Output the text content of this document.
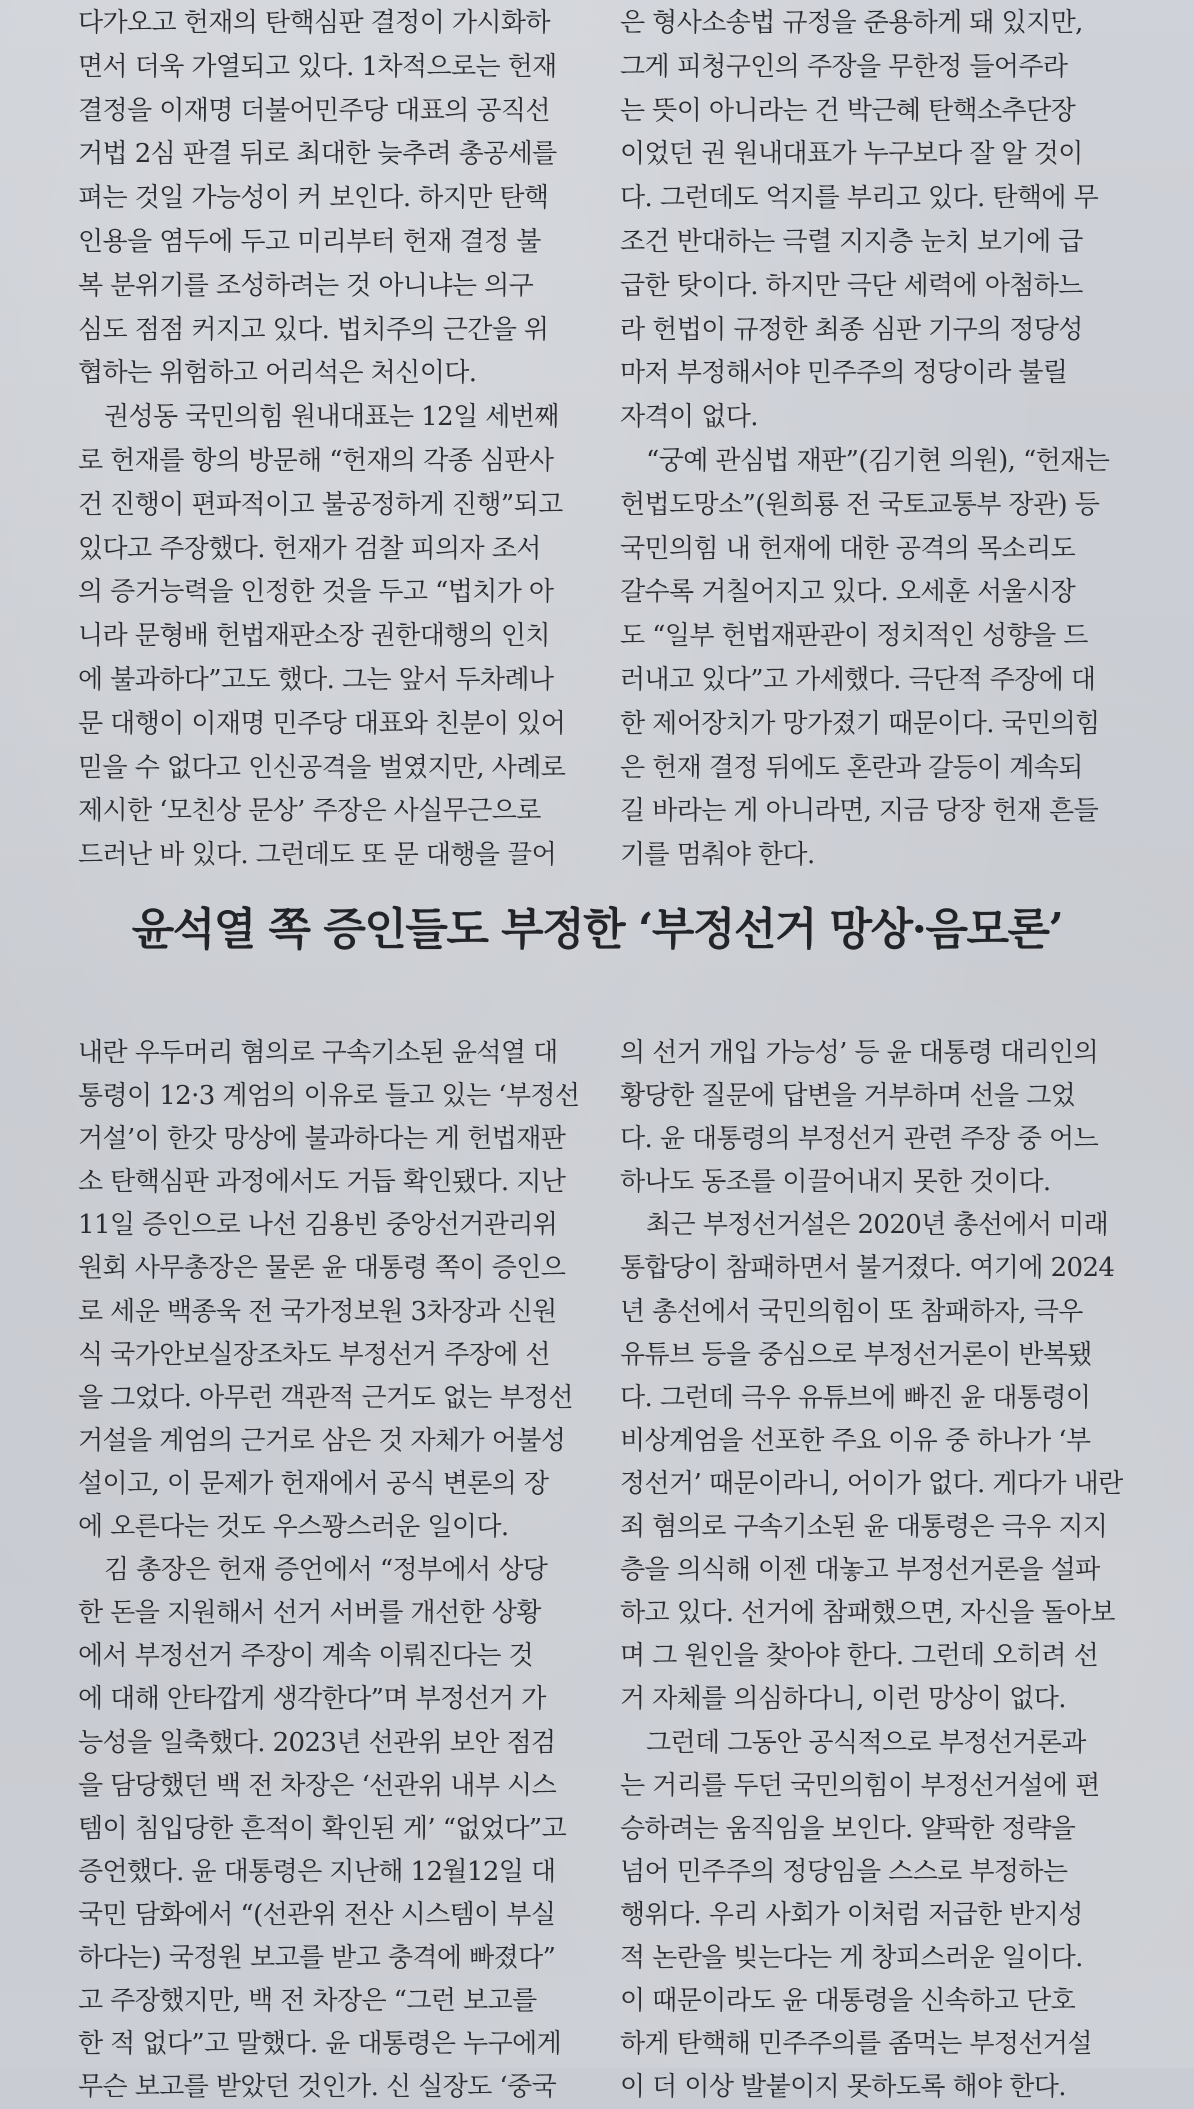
다가오고 헌재의 탄핵심판 결정이 가시화하
면서 더욱 가열되고 있다. 1차적으로는 헌재
결정을 이재명 더불어민주당 대표의 공직선
거법 2심 판결 뒤로 최대한 늦추려 총공세를
펴는 것일 가능성이 커 보인다. 하지만 탄핵
인용을 염두에 두고 미리부터 헌재 결정 불
복 분위기를 조성하려는 것 아니냐는 의구
심도 점점 커지고 있다. 법치주의 근간을 위
협하는 위험하고 어리석은 처신이다.
권성동 국민의힘 원내대표는 12일 세번째
로 헌재를 항의 방문해 “헌재의 각종 심판사
건 진행이 편파적이고 불공정하게 진행”되고
있다고 주장했다. 헌재가 검찰 피의자 조서
의 증거능력을 인정한 것을 두고 “법치가 아
니라 문형배 헌법재판소장 권한대행의 인치
에 불과하다”고도 했다. 그는 앞서 두차례나
문 대행이 이재명 민주당 대표와 친분이 있어
믿을 수 없다고 인신공격을 벌였지만, 사례로
제시한 ‘모친상 문상’ 주장은 사실무근으로
드러난 바 있다. 그런데도 또 문 대행을 끌어
은 형사소송법 규정을 준용하게 돼 있지만,
그게 피청구인의 주장을 무한정 들어주라
는 뜻이 아니라는 건 박근혜 탄핵소추단장
이었던 권 원내대표가 누구보다 잘 알 것이
다. 그런데도 억지를 부리고 있다. 탄핵에 무
조건 반대하는 극렬 지지층 눈치 보기에 급
급한 탓이다. 하지만 극단 세력에 아첨하느
라 헌법이 규정한 최종 심판 기구의 정당성
마저 부정해서야 민주주의 정당이라 불릴
자격이 없다.
“궁예 관심법 재판”(김기현 의원), “헌재는
헌법도망소”(원희룡 전 국토교통부 장관) 등
국민의힘 내 헌재에 대한 공격의 목소리도
갈수록 거칠어지고 있다. 오세훈 서울시장
도 “일부 헌법재판관이 정치적인 성향을 드
러내고 있다”고 가세했다. 극단적 주장에 대
한 제어장치가 망가졌기 때문이다. 국민의힘
은 헌재 결정 뒤에도 혼란과 갈등이 계속되
길 바라는 게 아니라면, 지금 당장 헌재 흔들
기를 멈춰야 한다.
윤석열 쪽 증인들도 부정한 ‘부정선거 망상·음모론’
내란 우두머리 혐의로 구속기소된 윤석열 대
통령이 12·3 계엄의 이유로 들고 있는 ‘부정선
거설’이 한갓 망상에 불과하다는 게 헌법재판
소 탄핵심판 과정에서도 거듭 확인됐다. 지난
11일 증인으로 나선 김용빈 중앙선거관리위
원회 사무총장은 물론 윤 대통령 쪽이 증인으
로 세운 백종욱 전 국가정보원 3차장과 신원
식 국가안보실장조차도 부정선거 주장에 선
을 그었다. 아무런 객관적 근거도 없는 부정선
거설을 계엄의 근거로 삼은 것 자체가 어불성
설이고, 이 문제가 헌재에서 공식 변론의 장
에 오른다는 것도 우스꽝스러운 일이다.
김 총장은 헌재 증언에서 “정부에서 상당
한 돈을 지원해서 선거 서버를 개선한 상황
에서 부정선거 주장이 계속 이뤄진다는 것
에 대해 안타깝게 생각한다”며 부정선거 가
능성을 일축했다. 2023년 선관위 보안 점검
을 담당했던 백 전 차장은 ‘선관위 내부 시스
템이 침입당한 흔적이 확인된 게’ “없었다”고
증언했다. 윤 대통령은 지난해 12월12일 대
국민 담화에서 “(선관위 전산 시스템이 부실
하다는) 국정원 보고를 받고 충격에 빠졌다”
고 주장했지만, 백 전 차장은 “그런 보고를
한 적 없다”고 말했다. 윤 대통령은 누구에게
무슨 보고를 받았던 것인가. 신 실장도 ‘중국
의 선거 개입 가능성’ 등 윤 대통령 대리인의
황당한 질문에 답변을 거부하며 선을 그었
다. 윤 대통령의 부정선거 관련 주장 중 어느
하나도 동조를 이끌어내지 못한 것이다.
최근 부정선거설은 2020년 총선에서 미래
통합당이 참패하면서 불거졌다. 여기에 2024
년 총선에서 국민의힘이 또 참패하자, 극우
유튜브 등을 중심으로 부정선거론이 반복됐
다. 그런데 극우 유튜브에 빠진 윤 대통령이
비상계엄을 선포한 주요 이유 중 하나가 ‘부
정선거’ 때문이라니, 어이가 없다. 게다가 내란
죄 혐의로 구속기소된 윤 대통령은 극우 지지
층을 의식해 이젠 대놓고 부정선거론을 설파
하고 있다. 선거에 참패했으면, 자신을 돌아보
며 그 원인을 찾아야 한다. 그런데 오히려 선
거 자체를 의심하다니, 이런 망상이 없다.
그런데 그동안 공식적으로 부정선거론과
는 거리를 두던 국민의힘이 부정선거설에 편
승하려는 움직임을 보인다. 얄팍한 정략을
넘어 민주주의 정당임을 스스로 부정하는
행위다. 우리 사회가 이처럼 저급한 반지성
적 논란을 빚는다는 게 창피스러운 일이다.
이 때문이라도 윤 대통령을 신속하고 단호
하게 탄핵해 민주주의를 좀먹는 부정선거설
이 더 이상 발붙이지 못하도록 해야 한다.
